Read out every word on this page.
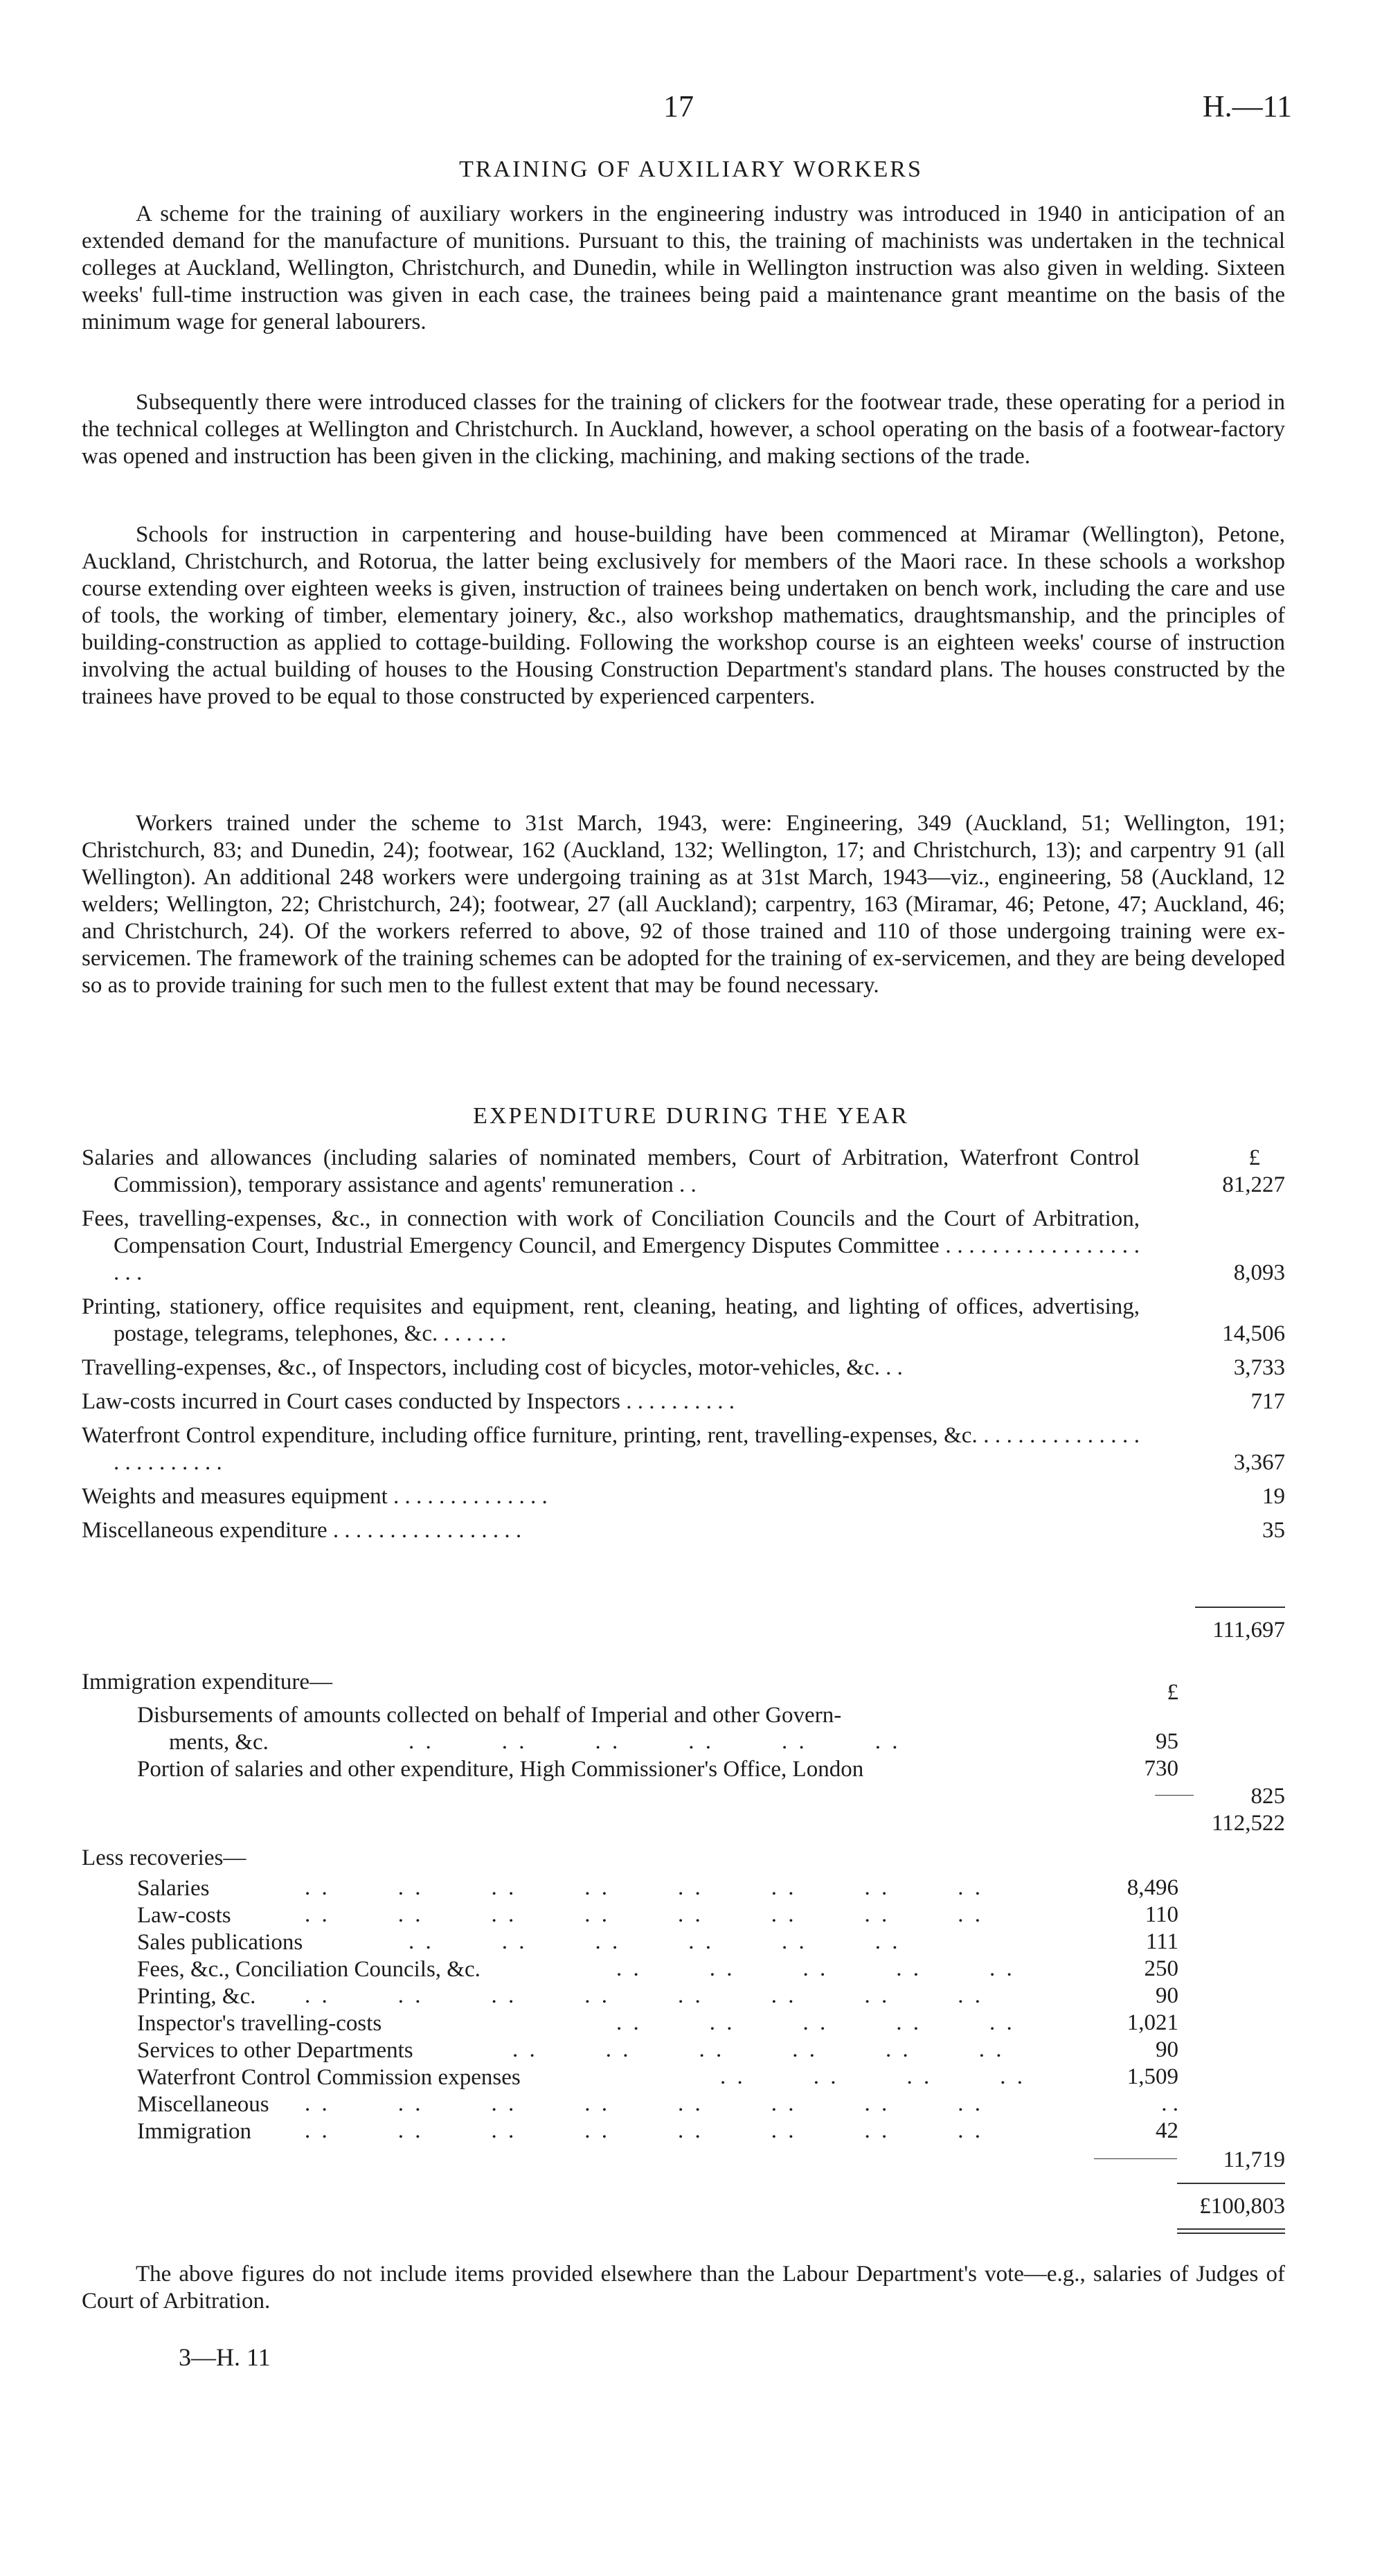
17	H.—11
TRAINING OF AUXILIARY WORKERS

A scheme for the training of auxiliary workers in the engineering industry was introduced in 1940 in anticipation of an extended demand for the manufacture of munitions. Pursuant to this, the training of machinists was undertaken in the technical colleges at Auckland, Wellington, Christchurch, and Dunedin, while in Wellington instruction was also given in welding. Sixteen weeks' full-time instruction was given in each case, the trainees being paid a maintenance grant meantime on the basis of the minimum wage for general labourers.

Subsequently there were introduced classes for the training of clickers for the footwear trade, these operating for a period in the technical colleges at Wellington and Christchurch. In Auckland, however, a school operating on the basis of a footwear-factory was opened and instruction has been given in the clicking, machining, and making sections of the trade.

Schools for instruction in carpentering and house-building have been commenced at Miramar (Wellington), Petone, Auckland, Christchurch, and Rotorua, the latter being exclusively for members of the Maori race. In these schools a workshop course extending over eighteen weeks is given, instruction of trainees being undertaken on bench work, including the care and use of tools, the working of timber, elementary joinery, &c., also workshop mathematics, draughtsmanship, and the principles of building-construction as applied to cottage-building. Following the workshop course is an eighteen weeks' course of instruction involving the actual building of houses to the Housing Construction Department's standard plans. The houses constructed by the trainees have proved to be equal to those constructed by experienced carpenters.

Workers trained under the scheme to 31st March, 1943, were: Engineering, 349 (Auckland, 51; Wellington, 191; Christchurch, 83; and Dunedin, 24); footwear, 162 (Auckland, 132; Wellington, 17; and Christchurch, 13); and carpentry 91 (all Wellington). An additional 248 workers were undergoing training as at 31st March, 1943—viz., engineering, 58 (Auckland, 12 welders; Wellington, 22; Christchurch, 24); footwear, 27 (all Auckland); carpentry, 163 (Miramar, 46; Petone, 47; Auckland, 46; and Christchurch, 24). Of the workers referred to above, 92 of those trained and 110 of those undergoing training were ex-servicemen. The framework of the training schemes can be adopted for the training of ex-servicemen, and they are being developed so as to provide training for such men to the fullest extent that may be found necessary.

EXPENDITURE DURING THE YEAR
£
Salaries and allowances (including salaries of nominated members, Court of Arbitration, Waterfront Control Commission), temporary assistance and agents' remuneration . .	81,227
Fees, travelling-expenses, &c., in connection with work of Conciliation Councils and the Court of Arbitration, Compensation Court, Industrial Emergency Council, and Emergency Disputes Committee . . . . . . . . . . . . . . . . . . . .	8,093
Printing, stationery, office requisites and equipment, rent, cleaning, heating, and lighting of offices, advertising, postage, telegrams, telephones, &c. . . . . . .	14,506
Travelling-expenses, &c., of Inspectors, including cost of bicycles, motor-vehicles, &c. . .	3,733
Law-costs incurred in Court cases conducted by Inspectors . . . . . . . . . .	717
Waterfront Control expenditure, including office furniture, printing, rent, travelling-expenses, &c. . . . . . . . . . . . . . . . . . . . . . . . .	3,367
Weights and measures equipment . . . . . . . . . . . . . .	19
Miscellaneous expenditure . . . . . . . . . . . . . . . . .	35
111,697
Immigration expenditure—	£
Disbursements of amounts collected on behalf of Imperial and other Govern-
ments, &c.	. .        . .        . .        . .        . .        . .	95
Portion of salaries and other expenditure, High Commissioner's Office, London	730
825
112,522
Less recoveries—
Salaries	. .        . .        . .        . .        . .        . .        . .        . .	8,496
Law-costs	. .        . .        . .        . .        . .        . .        . .        . .	110
Sales publications	. .        . .        . .        . .        . .        . .	111
Fees, &c., Conciliation Councils, &c.	. .        . .        . .        . .        . .	250
Printing, &c. . .        . .        . .        . .        . .        . .        . .        . .	90
Inspector's travelling-costs	. .        . .        . .        . .        . .	1,021
Services to other Departments	. .        . .        . .        . .        . .        . .	90
Waterfront Control Commission expenses	. .        . .        . .        . .	1,509
Miscellaneous . .        . .        . .        . .        . .        . .        . .        . .	. .
Immigration . .        . .        . .        . .        . .        . .        . .        . .	42
11,719
£100,803

The above figures do not include items provided elsewhere than the Labour Department's vote—e.g., salaries of Judges of Court of Arbitration.

3—H. 11
